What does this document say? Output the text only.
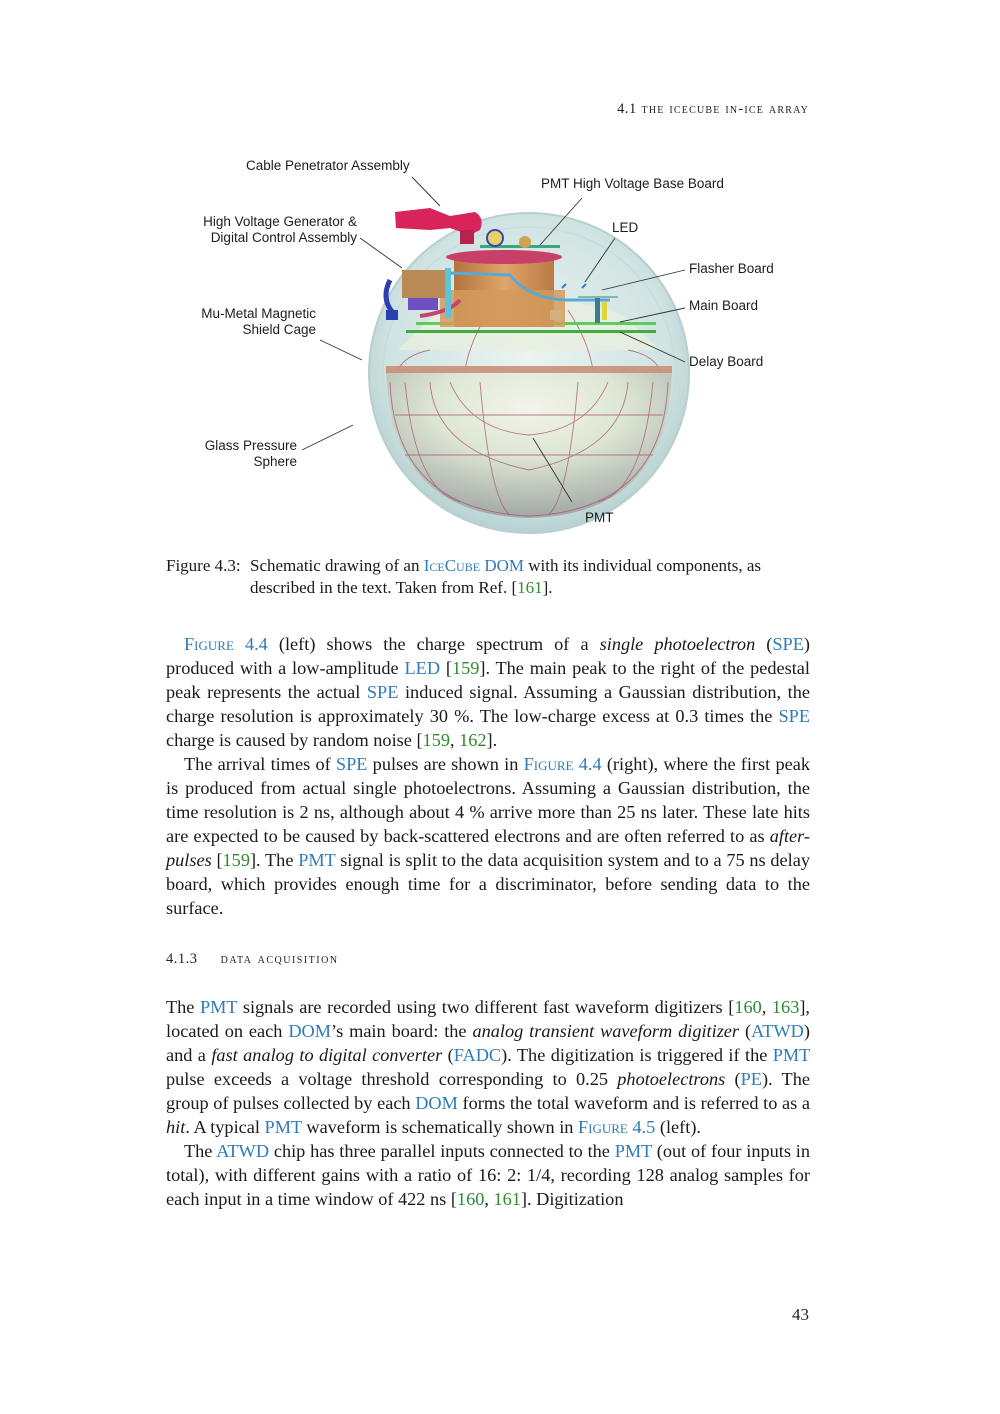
4.1 the icecube in-ice array
Cable Penetrator Assembly
PMT High Voltage Base Board
High Voltage Generator &
Digital Control Assembly
LED
Flasher Board
Mu-Metal Magnetic
Shield Cage
Main Board
Delay Board
Glass Pressure
Sphere
PMT
Figure 4.3: Schematic drawing of an IceCube DOM with its individual components, as described in the text. Taken from Ref. [161].

Figure 4.4 (left) shows the charge spectrum of a single photoelectron (SPE) produced with a low-amplitude LED [159]. The main peak to the right of the pedestal peak represents the actual SPE induced signal. Assuming a Gaussian distribution, the charge resolution is approximately 30 %. The low-charge excess at 0.3 times the SPE charge is caused by random noise [159, 162].

The arrival times of SPE pulses are shown in Figure 4.4 (right), where the first peak is produced from actual single photoelectrons. Assuming a Gaussian distribution, the time resolution is 2 ns, although about 4 % arrive more than 25 ns later. These late hits are expected to be caused by back-scattered electrons and are often referred to as after-pulses [159]. The PMT signal is split to the data acquisition system and to a 75 ns delay board, which provides enough time for a discriminator, before sending data to the surface.

4.1.3 data acquisition

The PMT signals are recorded using two different fast waveform digitizers [160, 163], located on each DOM’s main board: the analog transient waveform digitizer (ATWD) and a fast analog to digital converter (FADC). The digitization is triggered if the PMT pulse exceeds a voltage threshold corresponding to 0.25 photoelectrons (PE). The group of pulses collected by each DOM forms the total waveform and is referred to as a hit. A typical PMT waveform is schematically shown in Figure 4.5 (left).

The ATWD chip has three parallel inputs connected to the PMT (out of four inputs in total), with different gains with a ratio of 16: 2: 1/4, recording 128 analog samples for each input in a time window of 422 ns [160, 161]. Digitization

43
